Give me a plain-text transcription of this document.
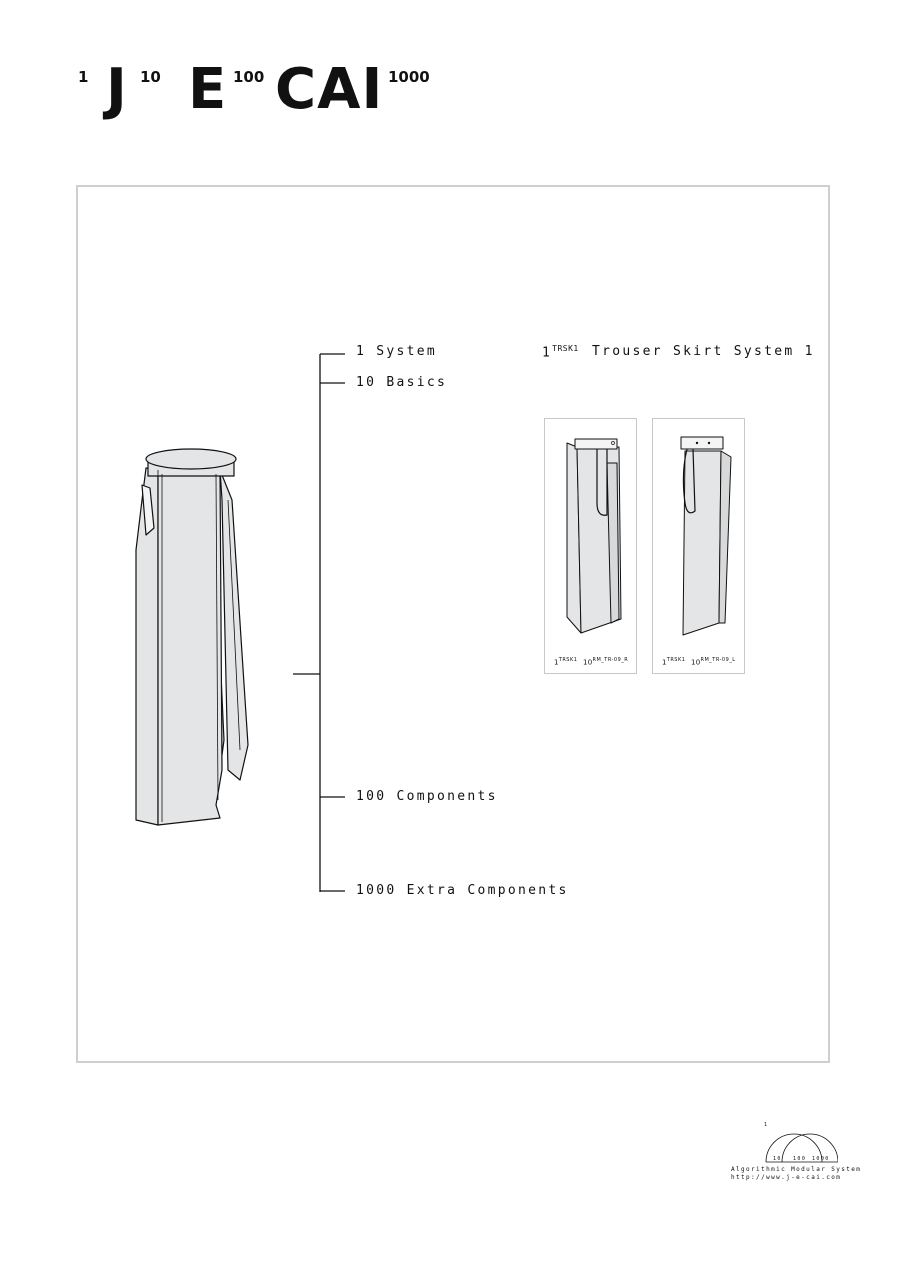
1 J 10 E 100 CAI 1000
1 System
10 Basics
100 Components
1000 Extra Components
$1^{TRSK1}$ Trouser Skirt System 1
$1^{TRSK1}$ $10^{RM\_TR-09\_R}$	$1^{TRSK1}$ $10^{RM\_TR-09\_L}$
1
10 100 1000
Algorithmic Modular System
http://www.j-e-cai.com
